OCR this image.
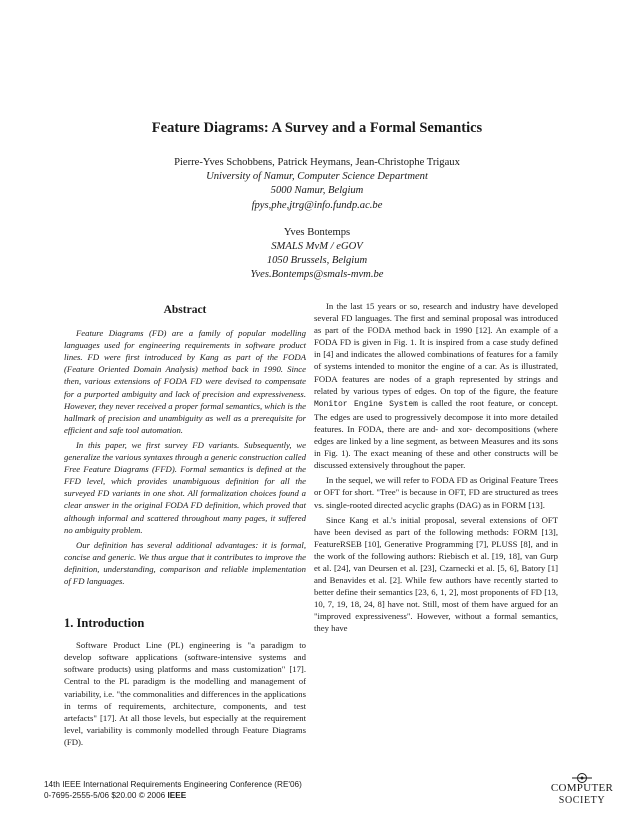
Feature Diagrams: A Survey and a Formal Semantics
Pierre-Yves Schobbens, Patrick Heymans, Jean-Christophe Trigaux
University of Namur, Computer Science Department
5000 Namur, Belgium
fpys,phe,jtrg@info.fundp.ac.be
Yves Bontemps
SMALS MvM / eGOV
1050 Brussels, Belgium
Yves.Bontemps@smals-mvm.be
Abstract

Feature Diagrams (FD) are a family of popular modelling languages used for engineering requirements in software product lines. FD were first introduced by Kang as part of the FODA (Feature Oriented Domain Analysis) method back in 1990. Since then, various extensions of FODA FD were devised to compensate for a purported ambiguity and lack of precision and expressiveness. However, they never received a proper formal semantics, which is the hallmark of precision and unambiguity as well as a prerequisite for efficient and safe tool automation.

In this paper, we first survey FD variants. Subsequently, we generalize the various syntaxes through a generic construction called Free Feature Diagrams (FFD). Formal semantics is defined at the FFD level, which provides unambiguous definition for all the surveyed FD variants in one shot. All formalization choices found a clear answer in the original FODA FD definition, which proved that although informal and scattered throughout many pages, it suffered no ambiguity problem.

Our definition has several additional advantages: it is formal, concise and generic. We thus argue that it contributes to improve the definition, understanding, comparison and reliable implementation of FD languages.

1. Introduction

Software Product Line (PL) engineering is "a paradigm to develop software applications (software-intensive systems and software products) using platforms and mass customization" [17]. Central to the PL paradigm is the modelling and management of variability, i.e. "the commonalities and differences in the applications in terms of requirements, architecture, components, and test artefacts" [17]. At all those levels, but especially at the requirement level, variability is commonly modelled through Feature Diagrams (FD).

In the last 15 years or so, research and industry have developed several FD languages. The first and seminal proposal was introduced as part of the FODA method back in 1990 [12]. An example of a FODA FD is given in Fig. 1. It is inspired from a case study defined in [4] and indicates the allowed combinations of features for a family of systems intended to monitor the engine of a car. As is illustrated, FODA features are nodes of a graph represented by strings and related by various types of edges. On top of the figure, the feature Monitor Engine System is called the root feature, or concept. The edges are used to progressively decompose it into more detailed features. In FODA, there are and- and xor- decompositions (where edges are linked by a line segment, as between Measures and its sons in Fig. 1). The exact meaning of these and other constructs will be discussed extensively throughout the paper.

In the sequel, we will refer to FODA FD as Original Feature Trees or OFT for short. "Tree" is because in OFT, FD are structured as trees vs. single-rooted directed acyclic graphs (DAG) as in FORM [13].

Since Kang et al.'s initial proposal, several extensions of OFT have been devised as part of the following methods: FORM [13], FeatureRSEB [10], Generative Programming [7], PLUSS [8], and in the work of the following authors: Riebisch et al. [19, 18], van Gurp et al. [24], van Deursen et al. [23], Czarnecki et al. [5, 6], Batory [1] and Benavides et al. [2]. While few authors have recently started to better define their semantics [23, 6, 1, 2], most proponents of FD [13, 10, 7, 19, 18, 24, 8] have not. Still, most of them have argued for an "improved expressiveness". However, without a formal semantics, they have

14th IEEE International Requirements Engineering Conference (RE'06)
0-7695-2555-5/06 $20.00 © 2006 IEEE
COMPUTER
SOCIETY
